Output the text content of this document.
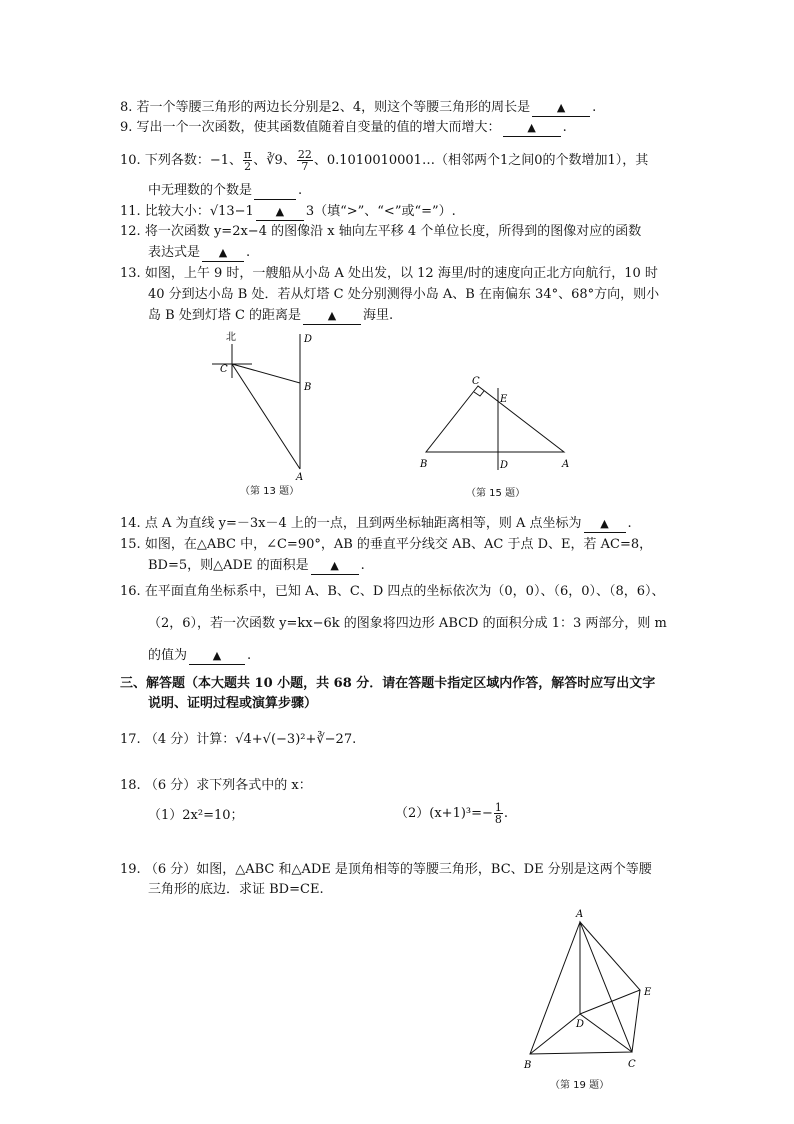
8. 若一个等腰三角形的两边长分别是2、4，则这个等腰三角形的周长是 ▲ .
9. 写出一个一次函数，使其函数值随着自变量的值的增大而增大： ▲ .
10. 下列各数：−1、 $\frac{\pi}{2}$ 、∛9、 $\frac{22}{7}$ 、0.1010010001…（相邻两个1之间0的个数增加1），其
中无理数的个数是	.
11. 比较大小：√13−1 ▲ 3（填“>”、“<”或“=”）.
12. 将一次函数 y=2x−4 的图像沿 x 轴向左平移 4 个单位长度，所得到的图像对应的函数
表达式是 ▲ .
13. 如图，上午 9 时，一艘船从小岛 A 处出发，以 12 海里/时的速度向正北方向航行，10 时
40 分到达小岛 B 处．若从灯塔 C 处分别测得小岛 A、B 在南偏东 34°、68°方向，则小
岛 B 处到灯塔 C 的距离是 ▲ 海里.
北
C
D
B
A
（第 13 题）
C
E
B	D	A
（第 15 题）
14. 点 A 为直线 y=－3x－4 上的一点，且到两坐标轴距离相等，则 A 点坐标为 ▲ .
15. 如图，在△ABC 中，∠C=90°，AB 的垂直平分线交 AB、AC 于点 D、E，若 AC=8，
BD=5，则△ADE 的面积是 ▲ .
16. 在平面直角坐标系中，已知 A、B、C、D 四点的坐标依次为（0，0）、（6，0）、（8，6）、
（2，6），若一次函数 y=kx−6k 的图象将四边形 ABCD 的面积分成 1：3 两部分，则 m
的值为 ▲ .
三、解答题（本大题共 10 小题，共 68 分．请在答题卡指定区域内作答，解答时应写出文字
说明、证明过程或演算步骤）
17. （4 分）计算：√4+√(−3)²+∛−27.
18. （6 分）求下列各式中的 x：
（1）2x²=10；	$(2)(x+1)^3=- \frac{1}{8}$ .
19. （6 分）如图，△ABC 和△ADE 是顶角相等的等腰三角形，BC、DE 分别是这两个等腰
三角形的底边．求证 BD=CE.
A
E
D
B	C
（第 19 题）
